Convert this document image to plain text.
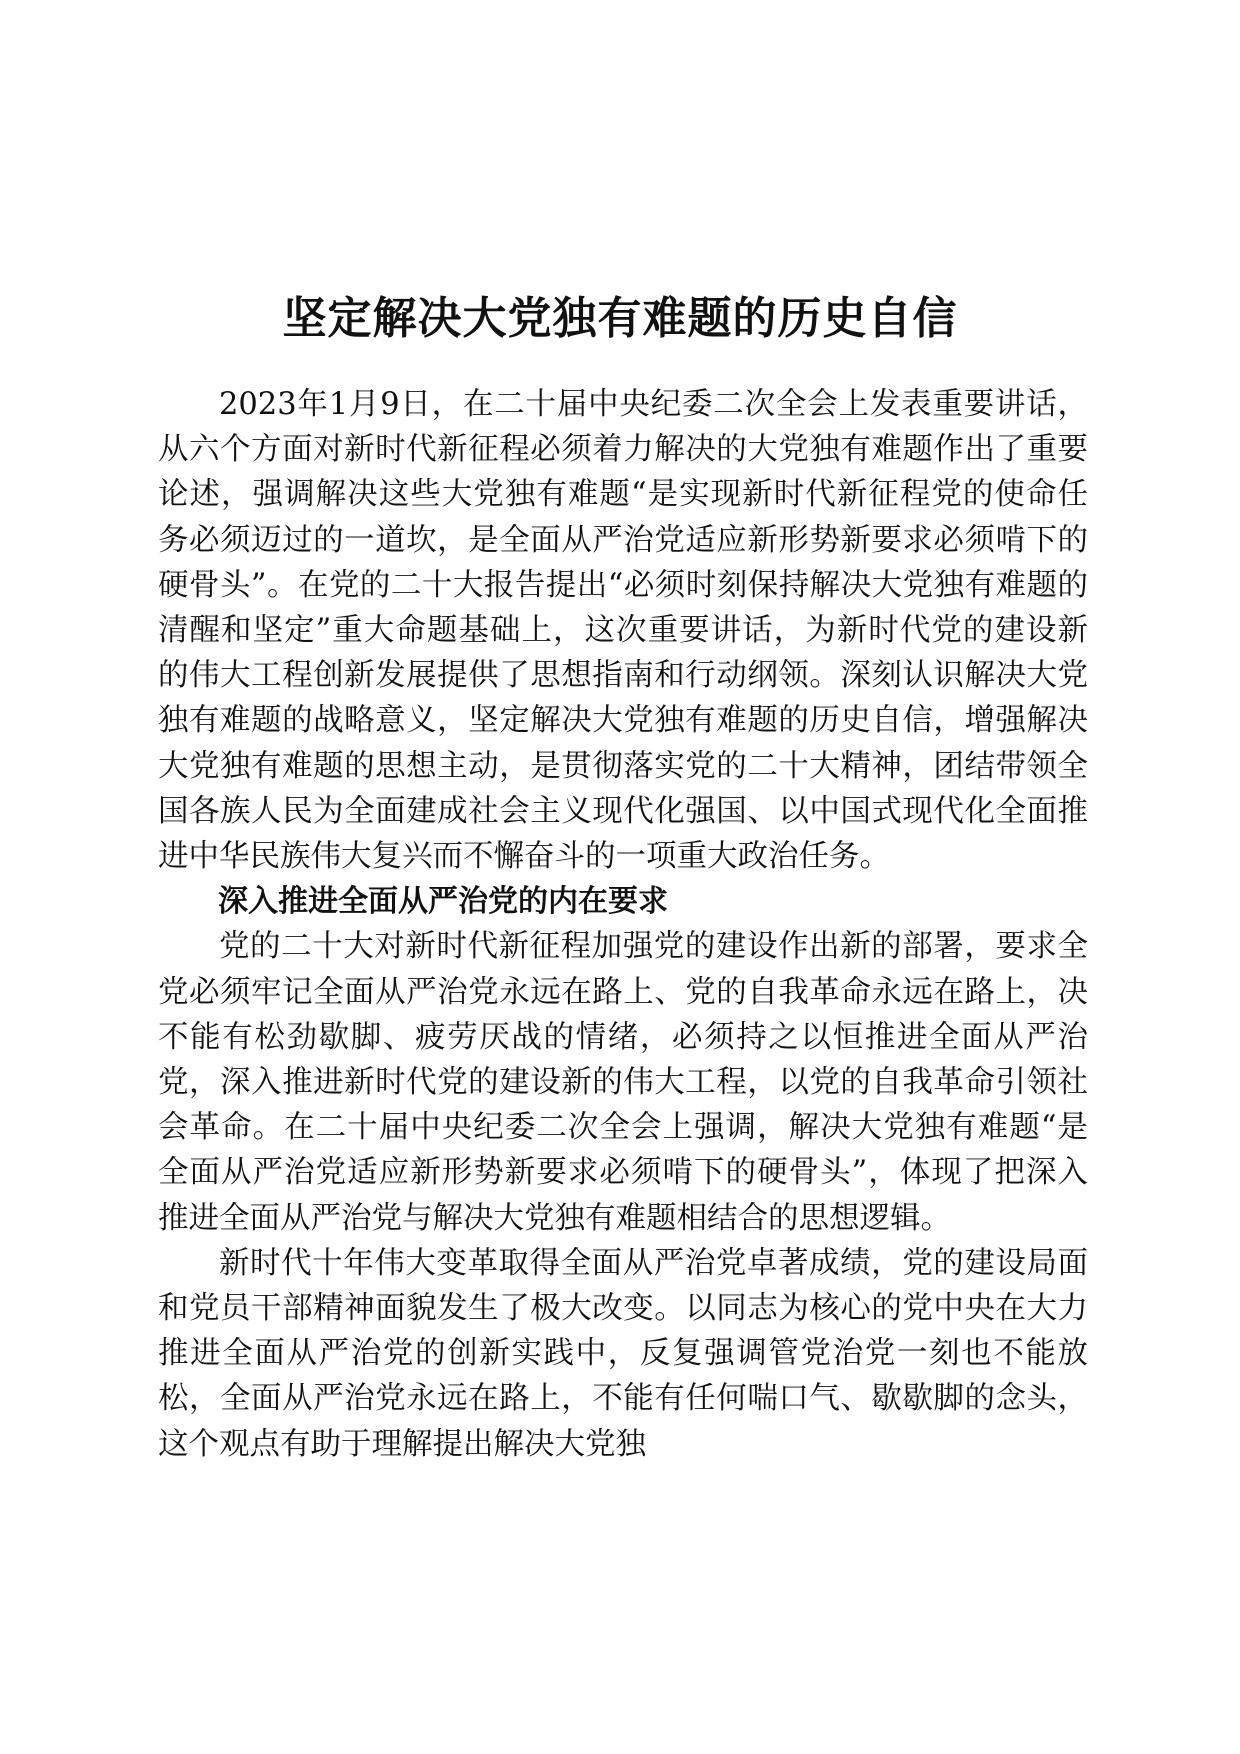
坚定解决大党独有难题的历史自信

2023年1月9日，在二十届中央纪委二次全会上发表重要讲话，从六个方面对新时代新征程必须着力解决的大党独有难题作出了重要论述，强调解决这些大党独有难题“是实现新时代新征程党的使命任务必须迈过的一道坎，是全面从严治党适应新形势新要求必须啃下的硬骨头”。在党的二十大报告提出“必须时刻保持解决大党独有难题的清醒和坚定”重大命题基础上，这次重要讲话，为新时代党的建设新的伟大工程创新发展提供了思想指南和行动纲领。深刻认识解决大党独有难题的战略意义，坚定解决大党独有难题的历史自信，增强解决大党独有难题的思想主动，是贯彻落实党的二十大精神，团结带领全国各族人民为全面建成社会主义现代化强国、以中国式现代化全面推进中华民族伟大复兴而不懈奋斗的一项重大政治任务。

深入推进全面从严治党的内在要求

党的二十大对新时代新征程加强党的建设作出新的部署，要求全党必须牢记全面从严治党永远在路上、党的自我革命永远在路上，决不能有松劲歇脚、疲劳厌战的情绪，必须持之以恒推进全面从严治党，深入推进新时代党的建设新的伟大工程，以党的自我革命引领社会革命。在二十届中央纪委二次全会上强调，解决大党独有难题“是全面从严治党适应新形势新要求必须啃下的硬骨头”，体现了把深入推进全面从严治党与解决大党独有难题相结合的思想逻辑。

新时代十年伟大变革取得全面从严治党卓著成绩，党的建设局面和党员干部精神面貌发生了极大改变。以同志为核心的党中央在大力推进全面从严治党的创新实践中，反复强调管党治党一刻也不能放松，全面从严治党永远在路上，不能有任何喘口气、歇歇脚的念头，这个观点有助于理解提出解决大党独
